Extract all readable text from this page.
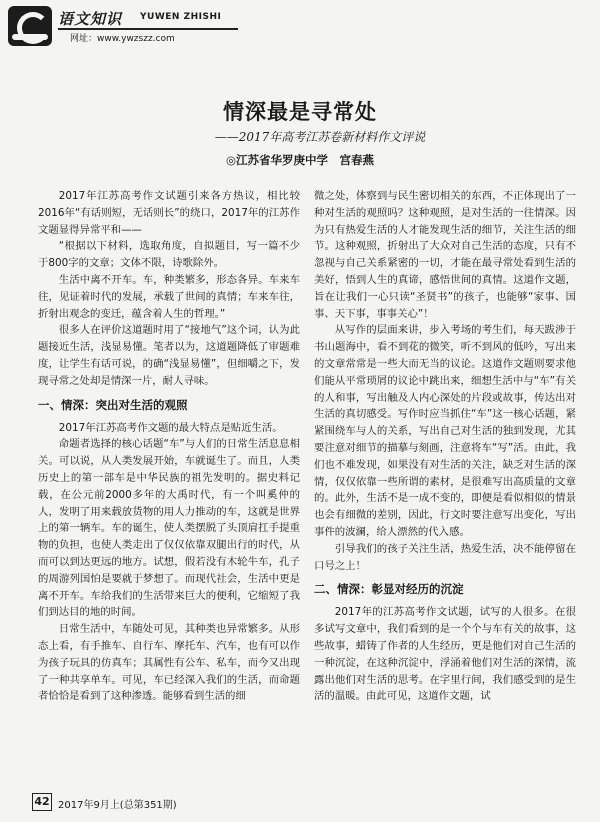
语文知识 YUWEN ZHISHI
网址：www.ywzszz.com
情深最是寻常处
——2017年高考江苏卷新材料作文评说
◎江苏省华罗庚中学　宫春燕

2017年江苏高考作文试题引来各方热议，相比较2016年“有话则短，无话则长”的绕口，2017年的江苏作文题显得异常平和——

“根据以下材料，选取角度，自拟题目，写一篇不少于800字的文章；文体不限，诗歌除外。

生活中离不开车。车，种类繁多，形态各异。车来车往，见证着时代的发展，承载了世间的真情；车来车往，折射出观念的变迁，蕴含着人生的哲理。”

很多人在评价这道题时用了“接地气”这个词，认为此题接近生活，浅显易懂。笔者以为，这道题降低了审题难度，让学生有话可说，的确“浅显易懂”，但细嚼之下，发现寻常之处却是情深一片，耐人寻味。

一、情深：突出对生活的观照

2017年江苏高考作文题的最大特点是贴近生活。

命题者选择的核心话题“车”与人们的日常生活息息相关。可以说，从人类发展开始，车就诞生了。而且，人类历史上的第一部车是中华民族的祖先发明的。据史料记载，在公元前2000多年的大禹时代，有一个叫奚仲的人，发明了用来载放货物的用人力推动的车，这就是世界上的第一辆车。车的诞生，使人类摆脱了头顶肩扛手提重物的负担，也使人类走出了仅仅依靠双腿出行的时代，从而可以到达更远的地方。试想，假若没有木轮牛车，孔子的周游列国怕是要就于梦想了。而现代社会，生活中更是离不开车。车给我们的生活带来巨大的便利，它缩短了我们到达目的地的时间。

日常生活中，车随处可见，其种类也异常繁多。从形态上看，有手推车、自行车、摩托车、汽车，也有可以作为孩子玩具的仿真车；其属性有公车、私车，而今又出现了一种共享单车。可见，车已经深入我们的生活，而命题者恰恰是看到了这种渗透。能够看到生活的细

微之处，体察到与民生密切相关的东西，不正体现出了一种对生活的观照吗？这种观照，是对生活的一往情深。因为只有热爱生活的人才能发现生活的细节，关注生活的细节。这种观照，折射出了大众对自己生活的态度，只有不忽视与自己关系紧密的一切，才能在最寻常处看到生活的美好，悟到人生的真谛，感悟世间的真情。这道作文题，旨在让我们一心只读“圣贤书”的孩子，也能够“家事、国事、天下事，事事关心”！

从写作的层面来讲，步入考场的考生们，每天跋涉于书山题海中，看不到花的微笑，听不到风的低吟，写出来的文章常常是一些大而无当的议论。这道作文题则要求他们能从平常琐屑的议论中跳出来，细想生活中与“车”有关的人和事，写出触及人内心深处的片段或故事，传达出对生活的真切感受。写作时应当抓住“车”这一核心话题，紧紧围绕车与人的关系，写出自己对生活的独到发现，尤其要注意对细节的描摹与刻画，注意将车“写”活。由此，我们也不难发现，如果没有对生活的关注，缺乏对生活的深情，仅仅依靠一些所谓的素材，是很难写出高质量的文章的。此外，生活不是一成不变的，即便是看似相似的情景也会有细微的差别，因此，行文时要注意写出变化，写出事件的波澜，给人漂然的代入感。

引导我们的孩子关注生活，热爱生活，决不能停留在口号之上！

二、情深：彰显对经历的沉淀

2017年的江苏高考作文试题，试写的人很多。在很多试写文章中，我们看到的是一个个与车有关的故事，这些故事，蜡铸了作者的人生经历，更是他们对自己生活的一种沉淀，在这种沉淀中，浮涌着他们对生活的深情，流露出他们对生活的思考。在字里行间，我们感受到的是生活的温暖。由此可见，这道作文题，试

42 2017年9月上(总第351期)
